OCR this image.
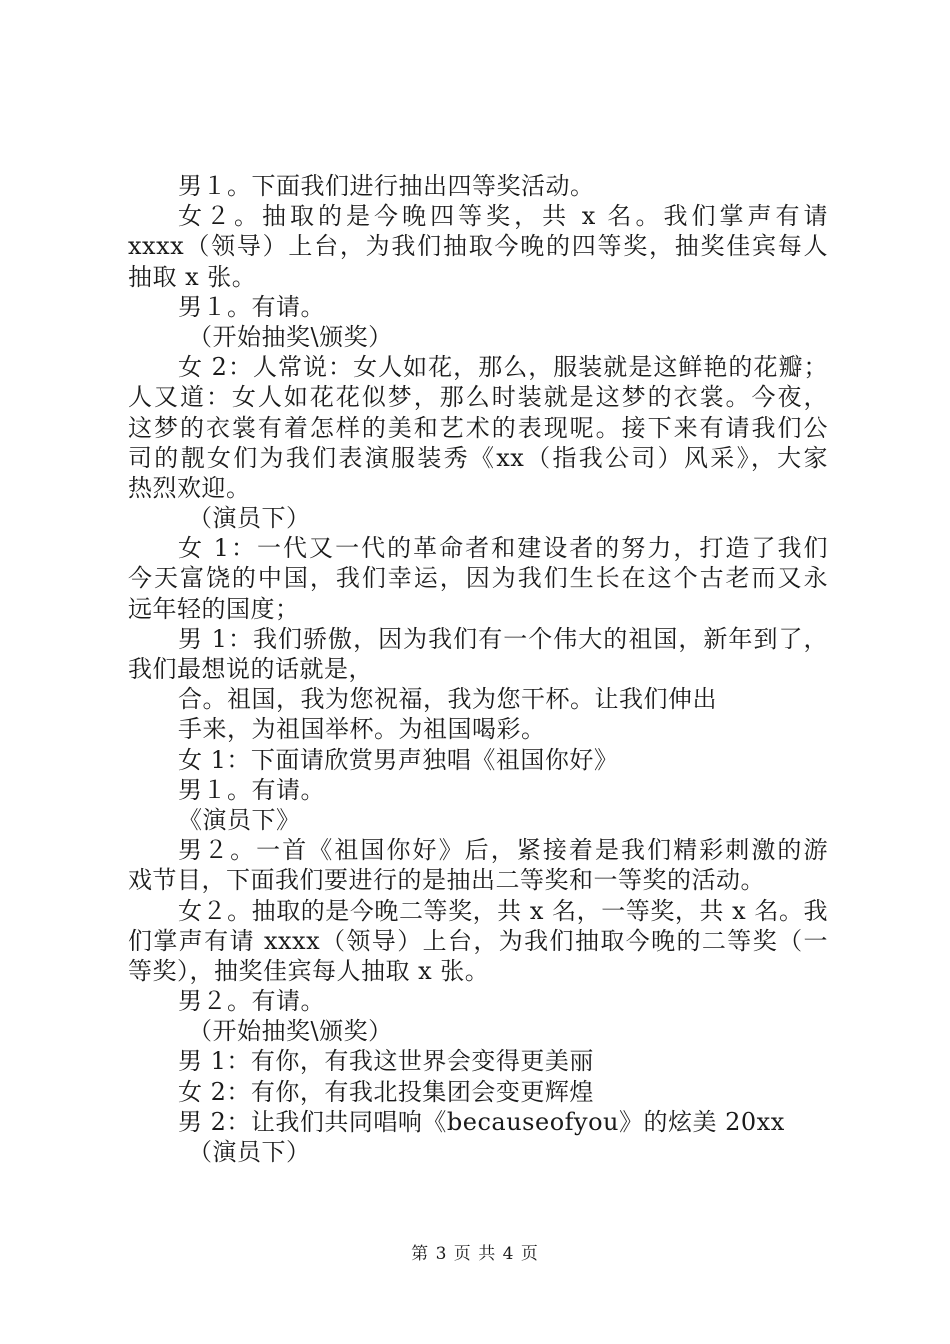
男１。下面我们进行抽出四等奖活动。
女２。抽取的是今晚四等奖，共 x 名。我们掌声有请
xxxx（领导）上台，为我们抽取今晚的四等奖，抽奖佳宾每人
抽取 x 张。
男１。有请。
（开始抽奖\颁奖）
女 2：人常说：女人如花，那么，服装就是这鲜艳的花瓣；
人又道：女人如花花似梦，那么时装就是这梦的衣裳。今夜，
这梦的衣裳有着怎样的美和艺术的表现呢。接下来有请我们公
司的靓女们为我们表演服装秀《xx（指我公司）风采》，大家
热烈欢迎。
（演员下）
女 1：一代又一代的革命者和建设者的努力，打造了我们
今天富饶的中国，我们幸运，因为我们生长在这个古老而又永
远年轻的国度；
男 1：我们骄傲，因为我们有一个伟大的祖国，新年到了，
我们最想说的话就是，
合。祖国，我为您祝福，我为您干杯。让我们伸出
手来，为祖国举杯。为祖国喝彩。
女 1：下面请欣赏男声独唱《祖国你好》
男１。有请。
《演员下》
男２。一首《祖国你好》后，紧接着是我们精彩刺激的游
戏节目，下面我们要进行的是抽出二等奖和一等奖的活动。
女２。抽取的是今晚二等奖，共 x 名，一等奖，共 x 名。我
们掌声有请 xxxx（领导）上台，为我们抽取今晚的二等奖（一
等奖），抽奖佳宾每人抽取 x 张。
男２。有请。
（开始抽奖\颁奖）
男 1：有你，有我这世界会变得更美丽
女 2：有你，有我北投集团会变更辉煌
男 2：让我们共同唱响《becauseofyou》的炫美 20xx
（演员下）
第 3 页 共 4 页
